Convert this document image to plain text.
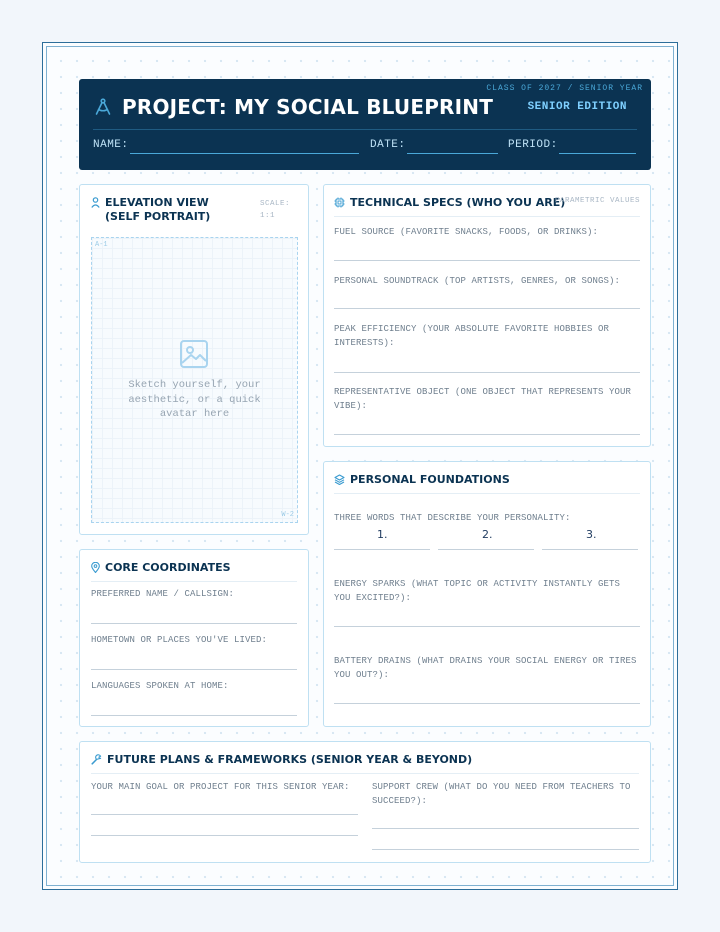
CLASS OF 2027 / SENIOR YEAR
PROJECT: MY SOCIAL BLUEPRINT	SENIOR EDITION
NAME:	DATE:	PERIOD:
ELEVATION VIEW (SELF PORTRAIT)
SCALE:
1:1
A-1
W-2
Sketch yourself, your aesthetic, or a quick avatar here
TECHNICAL SPECS (WHO YOU ARE)
PARAMETRIC VALUES
FUEL SOURCE (FAVORITE SNACKS, FOODS, OR DRINKS):
PERSONAL SOUNDTRACK (TOP ARTISTS, GENRES, OR SONGS):
PEAK EFFICIENCY (YOUR ABSOLUTE FAVORITE HOBBIES OR INTERESTS):
REPRESENTATIVE OBJECT (ONE OBJECT THAT REPRESENTS YOUR VIBE):
PERSONAL FOUNDATIONS
THREE WORDS THAT DESCRIBE YOUR PERSONALITY:
1.	2.	3.
ENERGY SPARKS (WHAT TOPIC OR ACTIVITY INSTANTLY GETS YOU EXCITED?):
BATTERY DRAINS (WHAT DRAINS YOUR SOCIAL ENERGY OR TIRES YOU OUT?):
CORE COORDINATES
PREFERRED NAME / CALLSIGN:
HOMETOWN OR PLACES YOU'VE LIVED:
LANGUAGES SPOKEN AT HOME:
FUTURE PLANS & FRAMEWORKS (SENIOR YEAR & BEYOND)
YOUR MAIN GOAL OR PROJECT FOR THIS SENIOR YEAR:	SUPPORT CREW (WHAT DO YOU NEED FROM TEACHERS TO SUCCEED?):
